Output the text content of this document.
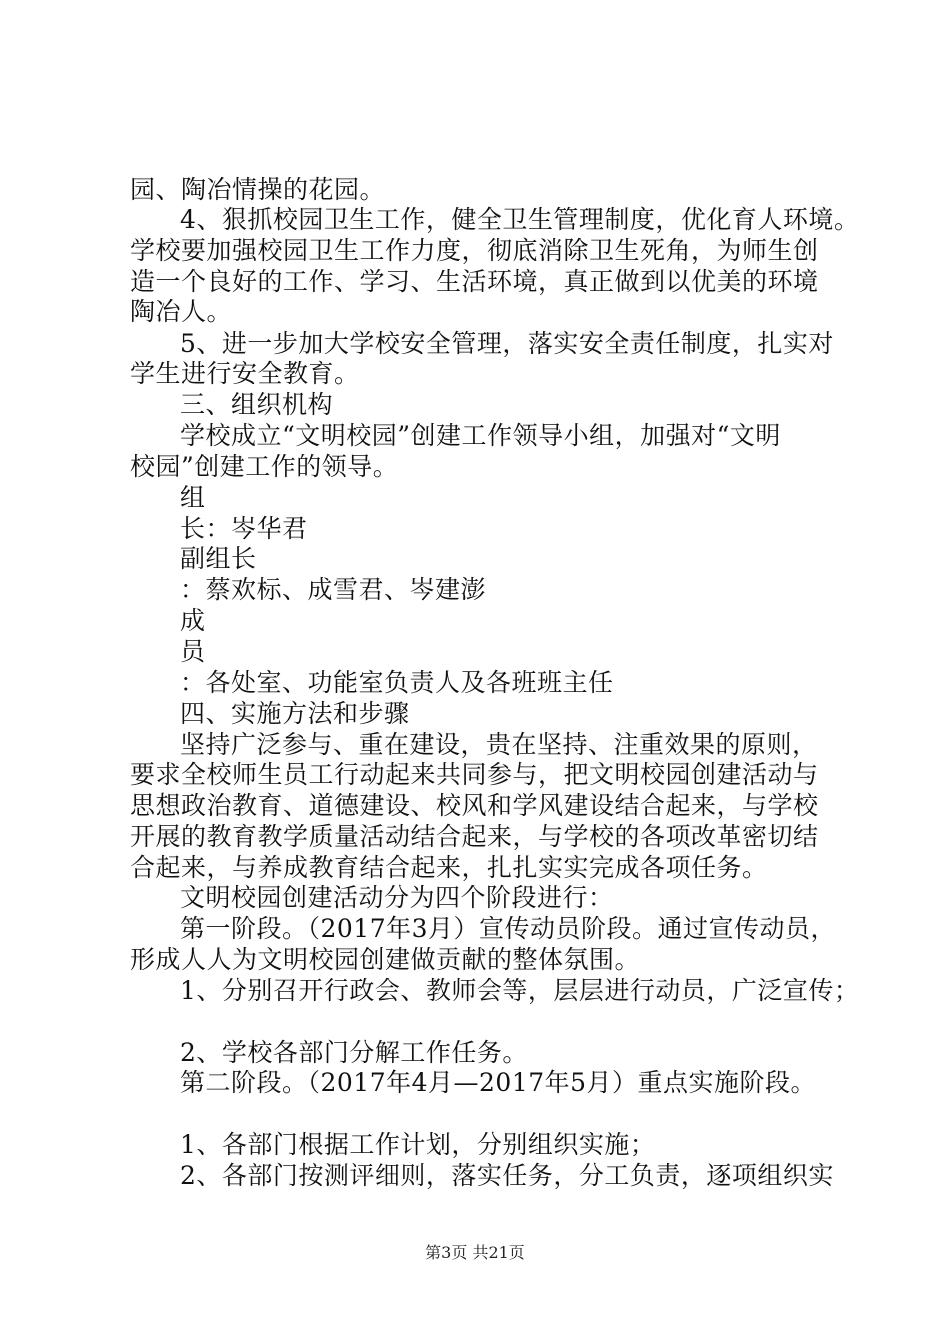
园、陶冶情操的花园。
4、狠抓校园卫生工作，健全卫生管理制度，优化育人环境。
学校要加强校园卫生工作力度，彻底消除卫生死角，为师生创
造一个良好的工作、学习、生活环境，真正做到以优美的环境
陶冶人。
5、进一步加大学校安全管理，落实安全责任制度，扎实对
学生进行安全教育。
三、组织机构
学校成立“文明校园”创建工作领导小组，加强对“文明
校园”创建工作的领导。
组
长：岑华君
副组长
：蔡欢标、成雪君、岑建澎
成
员
：各处室、功能室负责人及各班班主任
四、实施方法和步骤
坚持广泛参与、重在建设，贵在坚持、注重效果的原则，
要求全校师生员工行动起来共同参与，把文明校园创建活动与
思想政治教育、道德建设、校风和学风建设结合起来，与学校
开展的教育教学质量活动结合起来，与学校的各项改革密切结
合起来，与养成教育结合起来，扎扎实实完成各项任务。
文明校园创建活动分为四个阶段进行：
第一阶段。（2017年3月）宣传动员阶段。通过宣传动员，
形成人人为文明校园创建做贡献的整体氛围。
1、分别召开行政会、教师会等，层层进行动员，广泛宣传；
2、学校各部门分解工作任务。
第二阶段。（2017年4月—2017年5月）重点实施阶段。
1、各部门根据工作计划，分别组织实施；
2、各部门按测评细则，落实任务，分工负责，逐项组织实
第3页 共21页
